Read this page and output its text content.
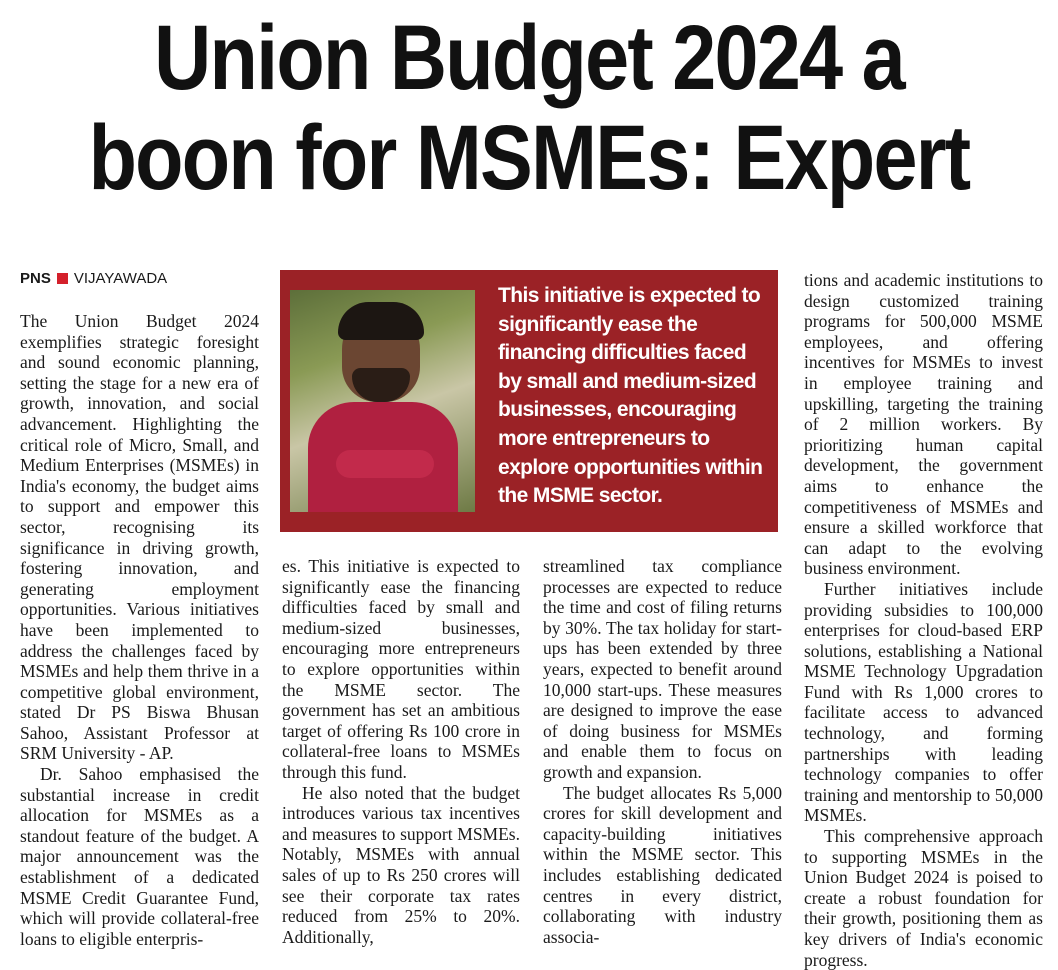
Union Budget 2024 a
boon for MSMEs: Expert
PNS VIJAYAWADA

The Union Budget 2024 exemplifies strategic foresight and sound economic planning, setting the stage for a new era of growth, innovation, and social advancement. Highlighting the critical role of Micro, Small, and Medium Enterprises (MSMEs) in India's economy, the budget aims to support and empower this sector, recognising its significance in driving growth, fostering innovation, and generating employment opportunities. Various initiatives have been implemented to address the challenges faced by MSMEs and help them thrive in a competitive global environment, stated Dr PS Biswa Bhusan Sahoo, Assistant Professor at SRM University - AP.

Dr. Sahoo emphasised the substantial increase in credit allocation for MSMEs as a standout feature of the budget. A major announcement was the establishment of a dedicated MSME Credit Guarantee Fund, which will provide collateral-free loans to eligible enterpris-

This initiative is expected to significantly ease the financing difficulties faced by small and medium-sized businesses, encouraging more entrepreneurs to explore opportunities within the MSME sector.

es. This initiative is expected to significantly ease the financing difficulties faced by small and medium-sized businesses, encouraging more entrepreneurs to explore opportunities within the MSME sector. The government has set an ambitious target of offering Rs 100 crore in collateral-free loans to MSMEs through this fund.

He also noted that the budget introduces various tax incentives and measures to support MSMEs. Notably, MSMEs with annual sales of up to Rs 250 crores will see their corporate tax rates reduced from 25% to 20%. Additionally,

streamlined tax compliance processes are expected to reduce the time and cost of filing returns by 30%. The tax holiday for start-ups has been extended by three years, expected to benefit around 10,000 start-ups. These measures are designed to improve the ease of doing business for MSMEs and enable them to focus on growth and expansion.

The budget allocates Rs 5,000 crores for skill development and capacity-building initiatives within the MSME sector. This includes establishing dedicated centres in every district, collaborating with industry associa-

tions and academic institutions to design customized training programs for 500,000 MSME employees, and offering incentives for MSMEs to invest in employee training and upskilling, targeting the training of 2 million workers. By prioritizing human capital development, the government aims to enhance the competitiveness of MSMEs and ensure a skilled workforce that can adapt to the evolving business environment.

Further initiatives include providing subsidies to 100,000 enterprises for cloud-based ERP solutions, establishing a National MSME Technology Upgradation Fund with Rs 1,000 crores to facilitate access to advanced technology, and forming partnerships with leading technology companies to offer training and mentorship to 50,000 MSMEs.

This comprehensive approach to supporting MSMEs in the Union Budget 2024 is poised to create a robust foundation for their growth, positioning them as key drivers of India's economic progress.
